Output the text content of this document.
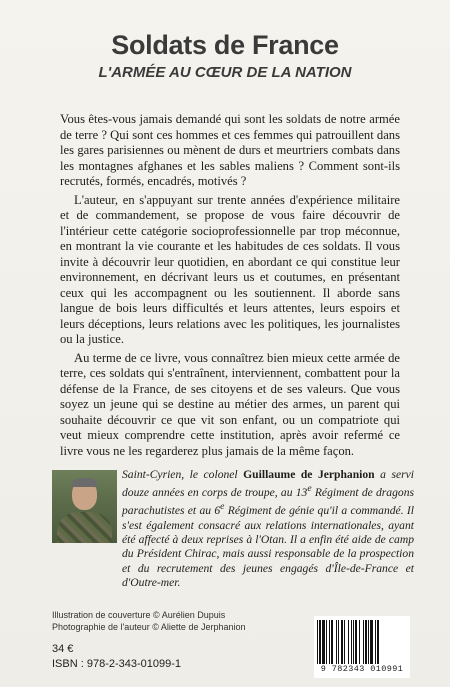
Soldats de France
L'ARMÉE AU CŒUR DE LA NATION

Vous êtes-vous jamais demandé qui sont les soldats de notre armée de terre ? Qui sont ces hommes et ces femmes qui patrouillent dans les gares parisiennes ou mènent de durs et meurtriers combats dans les montagnes afghanes et les sables maliens ? Comment sont-ils recrutés, formés, encadrés, motivés ?

L'auteur, en s'appuyant sur trente années d'expérience militaire et de commandement, se propose de vous faire découvrir de l'intérieur cette catégorie socioprofessionnelle par trop méconnue, en montrant la vie courante et les habitudes de ces soldats. Il vous invite à découvrir leur quotidien, en abordant ce qui constitue leur environnement, en décrivant leurs us et coutumes, en présentant ceux qui les accompagnent ou les soutiennent. Il aborde sans langue de bois leurs difficultés et leurs attentes, leurs espoirs et leurs déceptions, leurs relations avec les politiques, les journalistes ou la justice.

Au terme de ce livre, vous connaîtrez bien mieux cette armée de terre, ces soldats qui s'entraînent, interviennent, combattent pour la défense de la France, de ses citoyens et de ses valeurs. Que vous soyez un jeune qui se destine au métier des armes, un parent qui souhaite découvrir ce que vit son enfant, ou un compatriote qui veut mieux comprendre cette institution, après avoir refermé ce livre vous ne les regarderez plus jamais de la même façon.

Saint-Cyrien, le colonel Guillaume de Jerphanion a servi douze années en corps de troupe, au 13e Régiment de dragons parachutistes et au 6e Régiment de génie qu'il a commandé. Il s'est également consacré aux relations internationales, ayant été affecté à deux reprises à l'Otan. Il a enfin été aide de camp du Président Chirac, mais aussi responsable de la prospection et du recrutement des jeunes engagés d'Île-de-France et d'Outre-mer.
Illustration de couverture © Aurélien Dupuis
Photographie de l'auteur © Aliette de Jerphanion
34 €
ISBN : 978-2-343-01099-1	9 782343 010991
